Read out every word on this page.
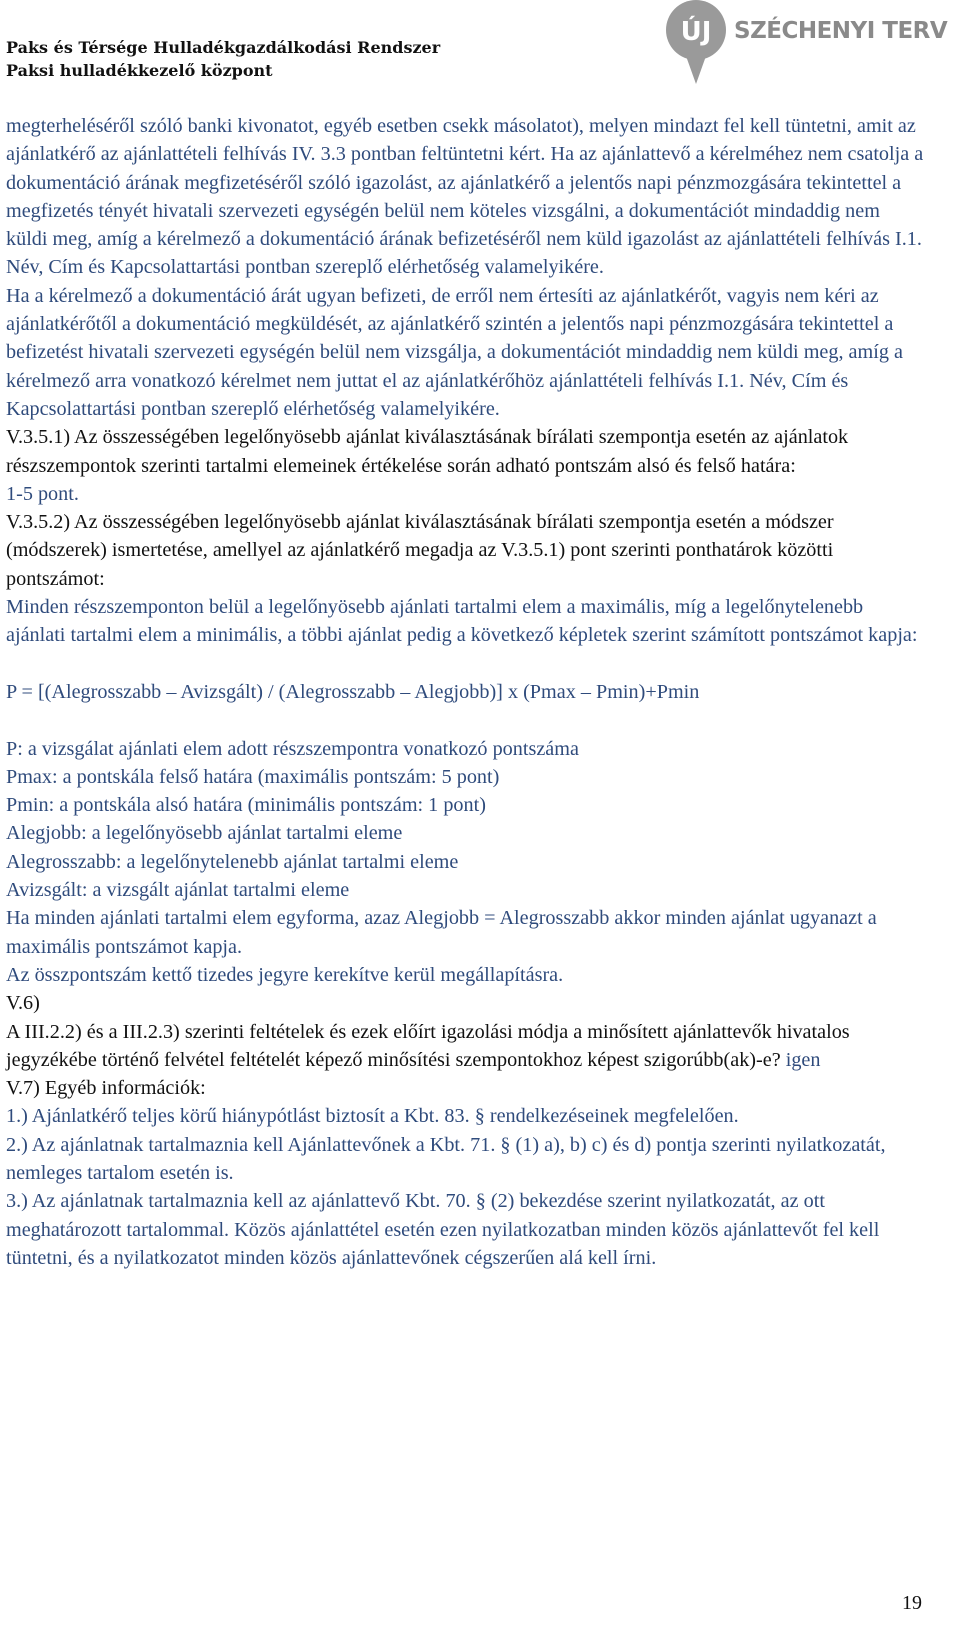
Paks és Térsége Hulladékgazdálkodási Rendszer
Paksi hulladékkezelő központ
ÚJ SZÉCHENYI TERV

megterheléséről szóló banki kivonatot, egyéb esetben csekk másolatot), melyen mindazt fel kell tüntetni, amit az ajánlatkérő az ajánlattételi felhívás IV. 3.3 pontban feltüntetni kért. Ha az ajánlattevő a kérelméhez nem csatolja a dokumentáció árának megfizetéséről szóló igazolást, az ajánlatkérő a jelentős napi pénzmozgására tekintettel a megfizetés tényét hivatali szervezeti egységén belül nem köteles vizsgálni, a dokumentációt mindaddig nem küldi meg, amíg a kérelmező a dokumentáció árának befizetéséről nem küld igazolást az ajánlattételi felhívás I.1. Név, Cím és Kapcsolattartási pontban szereplő elérhetőség valamelyikére.

Ha a kérelmező a dokumentáció árát ugyan befizeti, de erről nem értesíti az ajánlatkérőt, vagyis nem kéri az ajánlatkérőtől a dokumentáció megküldését, az ajánlatkérő szintén a jelentős napi pénzmozgására tekintettel a befizetést hivatali szervezeti egységén belül nem vizsgálja, a dokumentációt mindaddig nem küldi meg, amíg a kérelmező arra vonatkozó kérelmet nem juttat el az ajánlatkérőhöz ajánlattételi felhívás I.1. Név, Cím és Kapcsolattartási pontban szereplő elérhetőség valamelyikére.

V.3.5.1) Az összességében legelőnyösebb ajánlat kiválasztásának bírálati szempontja esetén az ajánlatok részszempontok szerinti tartalmi elemeinek értékelése során adható pontszám alsó és felső határa:

1-5 pont.

V.3.5.2) Az összességében legelőnyösebb ajánlat kiválasztásának bírálati szempontja esetén a módszer (módszerek) ismertetése, amellyel az ajánlatkérő megadja az V.3.5.1) pont szerinti ponthatárok közötti pontszámot:

Minden részszemponton belül a legelőnyösebb ajánlati tartalmi elem a maximális, míg a legelőnytelenebb ajánlati tartalmi elem a minimális, a többi ajánlat pedig a következő képletek szerint számított pontszámot kapja:

P = [(Alegrosszabb – Avizsgált) / (Alegrosszabb – Alegjobb)] x (Pmax – Pmin)+Pmin

P: a vizsgálat ajánlati elem adott részszempontra vonatkozó pontszáma

Pmax: a pontskála felső határa (maximális pontszám: 5 pont)

Pmin: a pontskála alsó határa (minimális pontszám: 1 pont)

Alegjobb: a legelőnyösebb ajánlat tartalmi eleme

Alegrosszabb: a legelőnytelenebb ajánlat tartalmi eleme

Avizsgált: a vizsgált ajánlat tartalmi eleme

Ha minden ajánlati tartalmi elem egyforma, azaz Alegjobb = Alegrosszabb akkor minden ajánlat ugyanazt a maximális pontszámot kapja.

Az összpontszám kettő tizedes jegyre kerekítve kerül megállapításra.

V.6)

A III.2.2) és a III.2.3) szerinti feltételek és ezek előírt igazolási módja a minősített ajánlattevők hivatalos jegyzékébe történő felvétel feltételét képező minősítési szempontokhoz képest szigorúbb(ak)-e? igen

V.7) Egyéb információk:

1.) Ajánlatkérő teljes körű hiánypótlást biztosít a Kbt. 83. § rendelkezéseinek megfelelően.

2.) Az ajánlatnak tartalmaznia kell Ajánlattevőnek a Kbt. 71. § (1) a), b) c) és d) pontja szerinti nyilatkozatát, nemleges tartalom esetén is.

3.) Az ajánlatnak tartalmaznia kell az ajánlattevő Kbt. 70. § (2) bekezdése szerint nyilatkozatát, az ott meghatározott tartalommal. Közös ajánlattétel esetén ezen nyilatkozatban minden közös ajánlattevőt fel kell tüntetni, és a nyilatkozatot minden közös ajánlattevőnek cégszerűen alá kell írni.

19
